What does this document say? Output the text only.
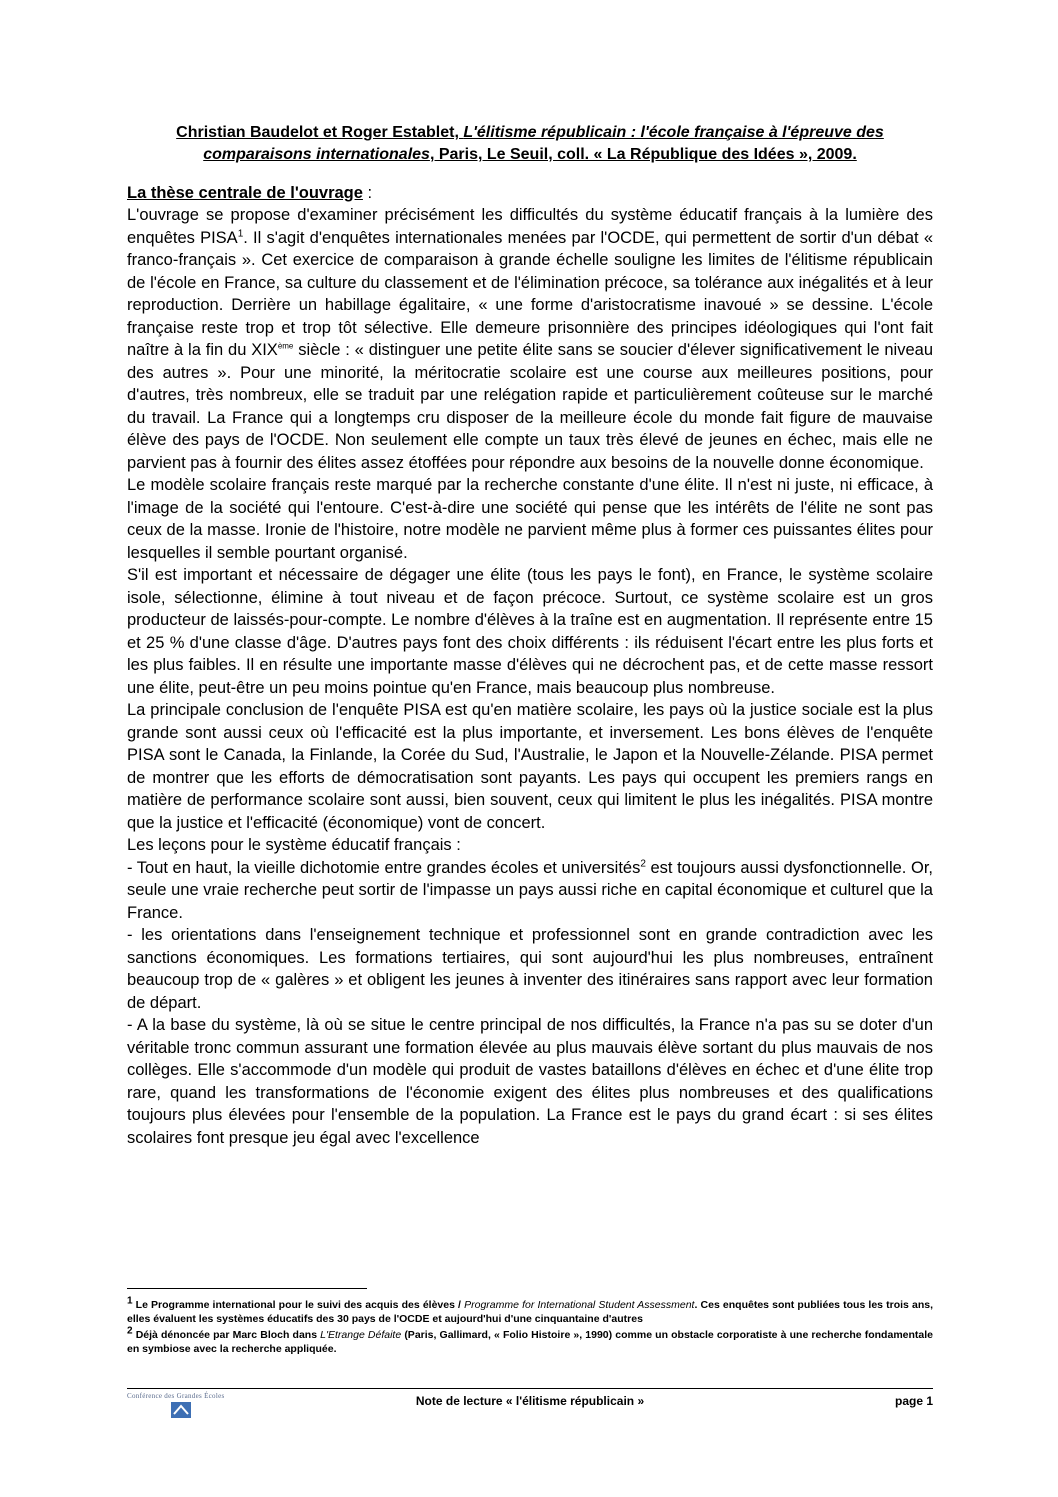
Christian Baudelot et Roger Establet, L'élitisme républicain : l'école française à l'épreuve des comparaisons internationales, Paris, Le Seuil, coll. « La République des Idées », 2009.

La thèse centrale de l'ouvrage :

L'ouvrage se propose d'examiner précisément les difficultés du système éducatif français à la lumière des enquêtes PISA$^1$. Il s'agit d'enquêtes internationales menées par l'OCDE, qui permettent de sortir d'un débat « franco-français ». Cet exercice de comparaison à grande échelle souligne les limites de l'élitisme républicain de l'école en France, sa culture du classement et de l'élimination précoce, sa tolérance aux inégalités et à leur reproduction. Derrière un habillage égalitaire, « une forme d'aristocratisme inavoué » se dessine. L'école française reste trop et trop tôt sélective. Elle demeure prisonnière des principes idéologiques qui l'ont fait naître à la fin du XIXème siècle : « distinguer une petite élite sans se soucier d'élever significativement le niveau des autres ». Pour une minorité, la méritocratie scolaire est une course aux meilleures positions, pour d'autres, très nombreux, elle se traduit par une relégation rapide et particulièrement coûteuse sur le marché du travail. La France qui a longtemps cru disposer de la meilleure école du monde fait figure de mauvaise élève des pays de l'OCDE. Non seulement elle compte un taux très élevé de jeunes en échec, mais elle ne parvient pas à fournir des élites assez étoffées pour répondre aux besoins de la nouvelle donne économique.

Le modèle scolaire français reste marqué par la recherche constante d'une élite. Il n'est ni juste, ni efficace, à l'image de la société qui l'entoure. C'est-à-dire une société qui pense que les intérêts de l'élite ne sont pas ceux de la masse. Ironie de l'histoire, notre modèle ne parvient même plus à former ces puissantes élites pour lesquelles il semble pourtant organisé.

S'il est important et nécessaire de dégager une élite (tous les pays le font), en France, le système scolaire isole, sélectionne, élimine à tout niveau et de façon précoce. Surtout, ce système scolaire est un gros producteur de laissés-pour-compte. Le nombre d'élèves à la traîne est en augmentation. Il représente entre 15 et 25 % d'une classe d'âge. D'autres pays font des choix différents : ils réduisent l'écart entre les plus forts et les plus faibles. Il en résulte une importante masse d'élèves qui ne décrochent pas, et de cette masse ressort une élite, peut-être un peu moins pointue qu'en France, mais beaucoup plus nombreuse.

La principale conclusion de l'enquête PISA est qu'en matière scolaire, les pays où la justice sociale est la plus grande sont aussi ceux où l'efficacité est la plus importante, et inversement. Les bons élèves de l'enquête PISA sont le Canada, la Finlande, la Corée du Sud, l'Australie, le Japon et la Nouvelle-Zélande. PISA permet de montrer que les efforts de démocratisation sont payants. Les pays qui occupent les premiers rangs en matière de performance scolaire sont aussi, bien souvent, ceux qui limitent le plus les inégalités. PISA montre que la justice et l'efficacité (économique) vont de concert.

Les leçons pour le système éducatif français :

- Tout en haut, la vieille dichotomie entre grandes écoles et universités$^2$ est toujours aussi dysfonctionnelle. Or, seule une vraie recherche peut sortir de l'impasse un pays aussi riche en capital économique et culturel que la France.

- les orientations dans l'enseignement technique et professionnel sont en grande contradiction avec les sanctions économiques. Les formations tertiaires, qui sont aujourd'hui les plus nombreuses, entraînent beaucoup trop de « galères » et obligent les jeunes à inventer des itinéraires sans rapport avec leur formation de départ.

- A la base du système, là où se situe le centre principal de nos difficultés, la France n'a pas su se doter d'un véritable tronc commun assurant une formation élevée au plus mauvais élève sortant du plus mauvais de nos collèges. Elle s'accommode d'un modèle qui produit de vastes bataillons d'élèves en échec et d'une élite trop rare, quand les transformations de l'économie exigent des élites plus nombreuses et des qualifications toujours plus élevées pour l'ensemble de la population. La France est le pays du grand écart : si ses élites scolaires font presque jeu égal avec l'excellence

$^1$ Le Programme international pour le suivi des acquis des élèves / Programme for International Student Assessment. Ces enquêtes sont publiées tous les trois ans, elles évaluent les systèmes éducatifs des 30 pays de l'OCDE et aujourd'hui d'une cinquantaine d'autres

$^2$ Déjà dénoncée par Marc Bloch dans L'Etrange Défaite (Paris, Gallimard, « Folio Histoire », 1990) comme un obstacle corporatiste à une recherche fondamentale en symbiose avec la recherche appliquée.

Conférence des Grandes Écoles	Note de lecture « l'élitisme républicain »	page 1
